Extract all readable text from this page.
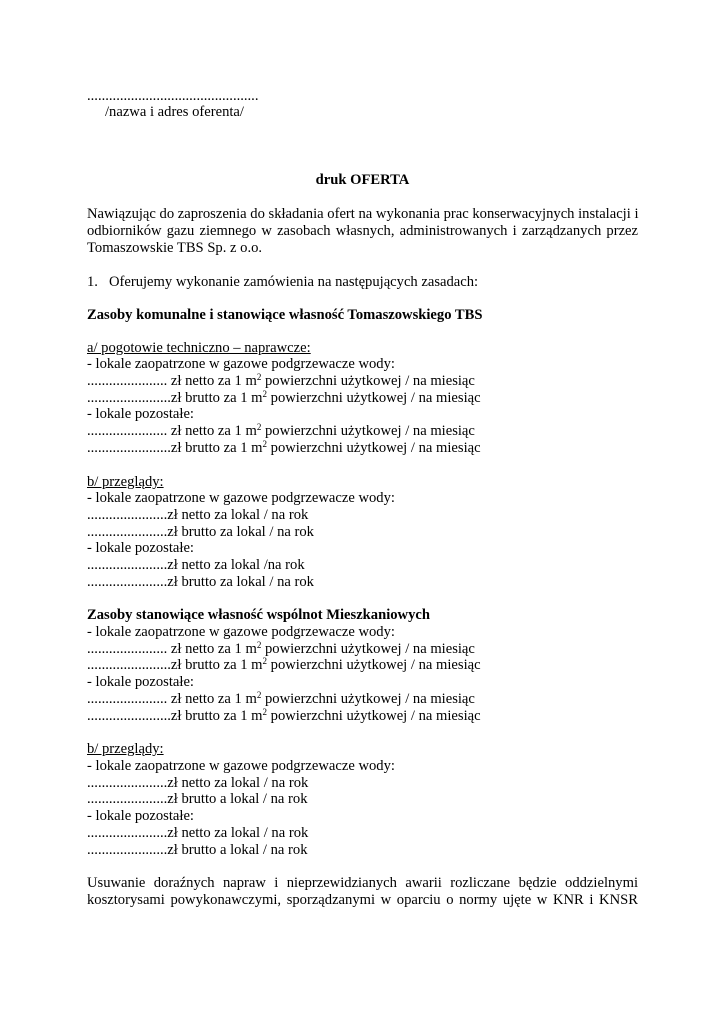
...............................................
/nazwa i adres oferenta/
druk OFERTA
Nawiązując do zaproszenia do składania ofert na wykonania prac konserwacyjnych instalacji i
odbiorników gazu ziemnego w zasobach własnych, administrowanych i zarządzanych przez
Tomaszowskie TBS Sp. z o.o.
1. Oferujemy wykonanie zamówienia na następujących zasadach:
Zasoby komunalne i stanowiące własność Tomaszowskiego TBS
a/ pogotowie techniczno – naprawcze:
- lokale zaopatrzone w gazowe podgrzewacze wody:
...................... zł netto za 1 $m^2$ powierzchni użytkowej / na miesiąc
.......................zł brutto za 1 $m^2$ powierzchni użytkowej / na miesiąc
- lokale pozostałe:
...................... zł netto za 1 $m^2$ powierzchni użytkowej / na miesiąc
.......................zł brutto za 1 $m^2$ powierzchni użytkowej / na miesiąc
b/ przeglądy:
- lokale zaopatrzone w gazowe podgrzewacze wody:
......................zł netto za lokal / na rok
......................zł brutto za lokal / na rok
- lokale pozostałe:
......................zł netto za lokal /na rok
......................zł brutto za lokal / na rok
Zasoby stanowiące własność wspólnot Mieszkaniowych
- lokale zaopatrzone w gazowe podgrzewacze wody:
...................... zł netto za 1 $m^2$ powierzchni użytkowej / na miesiąc
.......................zł brutto za 1 $m^2$ powierzchni użytkowej / na miesiąc
- lokale pozostałe:
...................... zł netto za 1 $m^2$ powierzchni użytkowej / na miesiąc
.......................zł brutto za 1 $m^2$ powierzchni użytkowej / na miesiąc
b/ przeglądy:
- lokale zaopatrzone w gazowe podgrzewacze wody:
......................zł netto za lokal / na rok
......................zł brutto a lokal / na rok
- lokale pozostałe:
......................zł netto za lokal / na rok
......................zł brutto a lokal / na rok
Usuwanie doraźnych napraw i nieprzewidzianych awarii rozliczane będzie oddzielnymi
kosztorysami powykonawczymi, sporządzanymi w oparciu o normy ujęte w KNR i KNSR
